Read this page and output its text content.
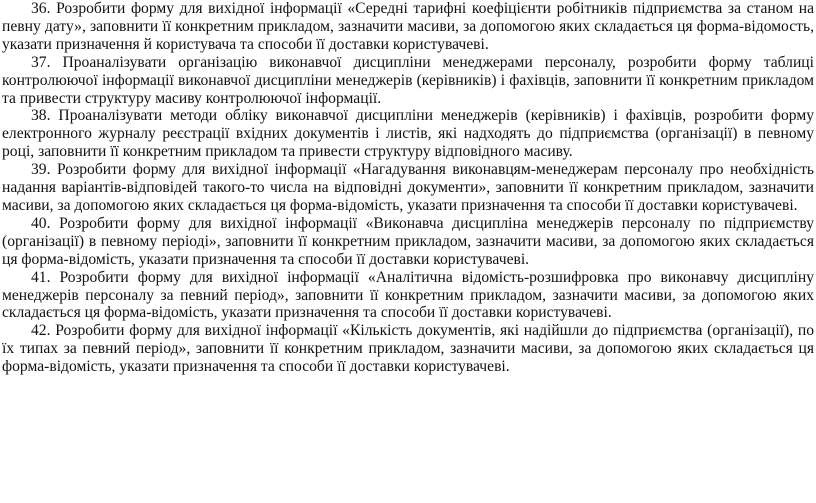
36. Розробити форму для вихідної інформації «Середні тарифні коефіцієнти робітників підприємства за станом на певну дату», заповнити її конкретним прикладом, зазначити масиви, за допомогою яких складається ця форма-відомость, указати призначення й користувача та способи її доставки користувачеві.

37. Проаналізувати організацію виконавчої дисципліни менеджерами персоналу, розробити форму таблиці контролюючої інформації виконавчої дисципліни менеджерів (керівників) і фахівців, заповнити її конкретним прикладом та привести структуру масиву контролюючої інформації.

38. Проаналізувати методи обліку виконавчої дисципліни менеджерів (керівників) і фахівців, розробити форму електронного журналу реєстрації вхідних документів і листів, які надходять до підприємства (організації) в певному році, заповнити її конкретним прикладом та привести структуру відповідного масиву.

39. Розробити форму для вихідної інформації «Нагадування виконавцям-менеджерам персоналу про необхідність надання варіантів-відповідей такого-то числа на відповідні документи», заповнити її конкретним прикладом, зазначити масиви, за допомогою яких складається ця форма-відомість, указати призначення та способи її доставки користувачеві.

40. Розробити форму для вихідної інформації «Виконавча дисципліна менеджерів персоналу по підприємству (організації) в певному періоді», заповнити її конкретним прикладом, зазначити масиви, за допомогою яких складається ця форма-відомість, указати призначення та способи її доставки користувачеві.

41. Розробити форму для вихідної інформації «Аналітична відомість-розшифровка про виконавчу дисципліну менеджерів персоналу за певний період», заповнити її конкретним прикладом, зазначити масиви, за допомогою яких складається ця форма-відомість, указати призначення та способи її доставки користувачеві.

42. Розробити форму для вихідної інформації «Кількість документів, які надійшли до підприємства (організації), по їх типах за певний період», заповнити її конкретним прикладом, зазначити масиви, за допомогою яких складається ця форма-відомість, указати призначення та способи її доставки користувачеві.
